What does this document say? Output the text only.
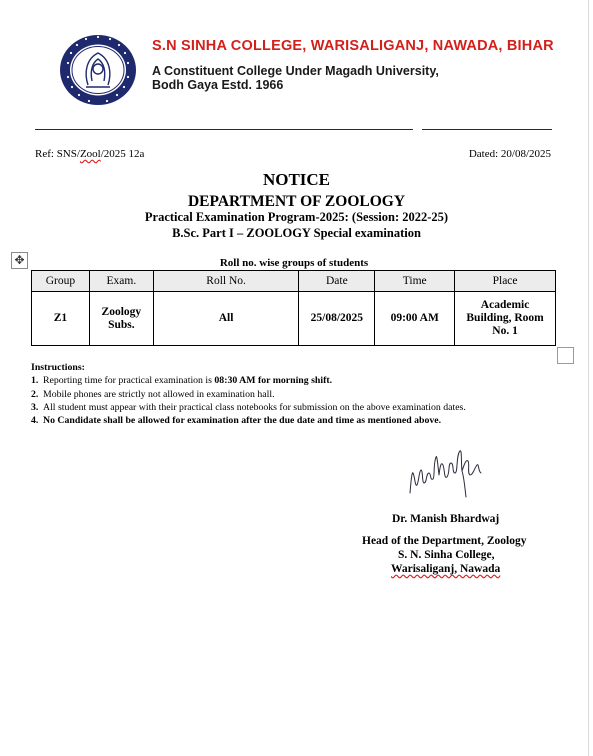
S.N SINHA COLLEGE, WARISALIGANJ, NAWADA, BIHAR
A Constituent College Under Magadh University,
Bodh Gaya Estd. 1966
Ref: SNS/Zool/2025 12a	Dated: 20/08/2025
NOTICE
DEPARTMENT OF ZOOLOGY
Practical Examination Program-2025: (Session: 2022-25)
B.Sc. Part I – ZOOLOGY Special examination
✥	Roll no. wise groups of students
Group	Exam.	Roll No.	Date	Time	Place
Z1	Zoology Subs.	All	25/08/2025	09:00 AM	Academic Building, Room No. 1
Instructions:
1. Reporting time for practical examination is 08:30 AM for morning shift.
2. Mobile phones are strictly not allowed in examination hall.
3. All student must appear with their practical class notebooks for submission on the above examination dates.
4. No Candidate shall be allowed for examination after the due date and time as mentioned above.
Dr. Manish Bhardwaj
Head of the Department, Zoology
S. N. Sinha College,
Warisaliganj, Nawada
